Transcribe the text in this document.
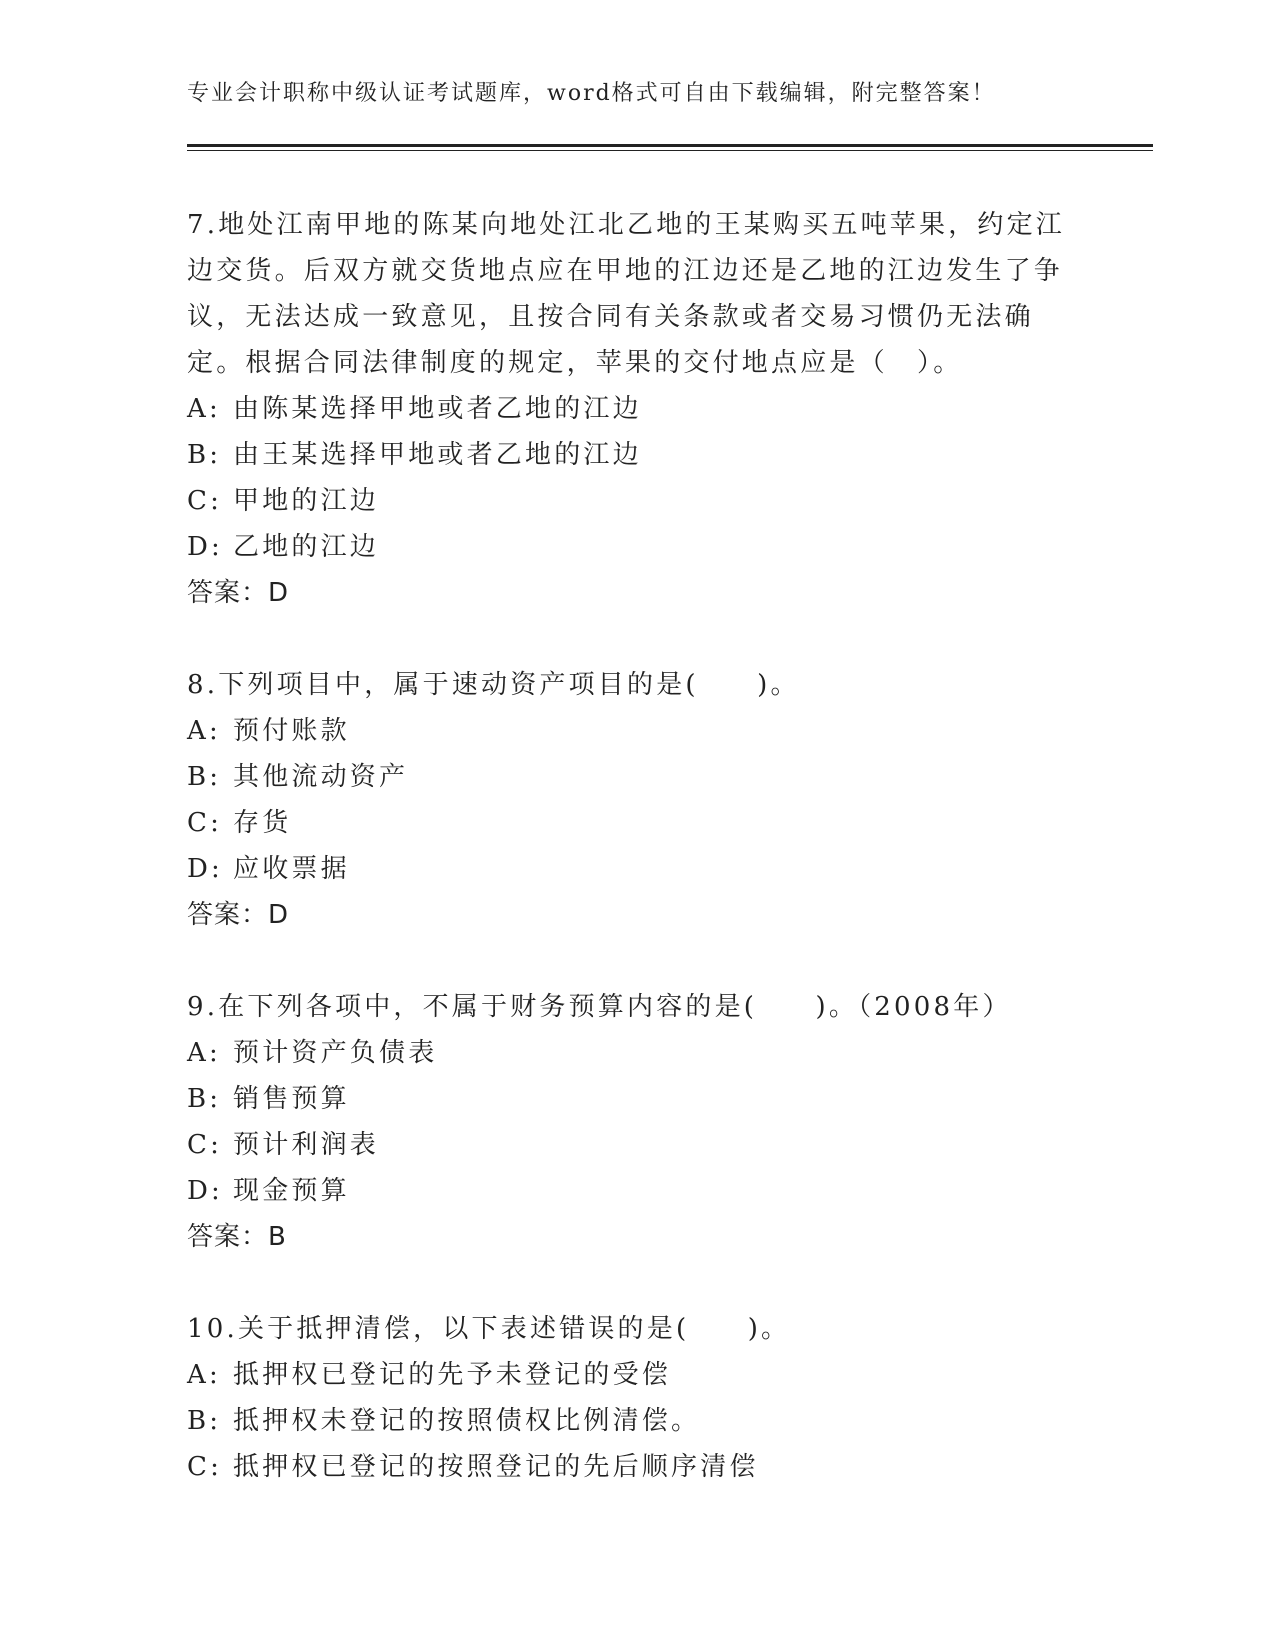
专业会计职称中级认证考试题库，word格式可自由下载编辑，附完整答案！

7.地处江南甲地的陈某向地处江北乙地的王某购买五吨苹果，约定江边交货。后双方就交货地点应在甲地的江边还是乙地的江边发生了争议，无法达成一致意见，且按合同有关条款或者交易习惯仍无法确定。根据合同法律制度的规定，苹果的交付地点应是（　）。

A: 由陈某选择甲地或者乙地的江边
B: 由王某选择甲地或者乙地的江边
C: 甲地的江边
D: 乙地的江边
答案：D

8.下列项目中，属于速动资产项目的是(　　)。

A: 预付账款
B: 其他流动资产
C: 存货
D: 应收票据
答案：D

9.在下列各项中，不属于财务预算内容的是(　　)。（2008年）

A: 预计资产负债表
B: 销售预算
C: 预计利润表
D: 现金预算
答案：B

10.关于抵押清偿，以下表述错误的是(　　)。

A: 抵押权已登记的先予未登记的受偿
B: 抵押权未登记的按照债权比例清偿。
C: 抵押权已登记的按照登记的先后顺序清偿
